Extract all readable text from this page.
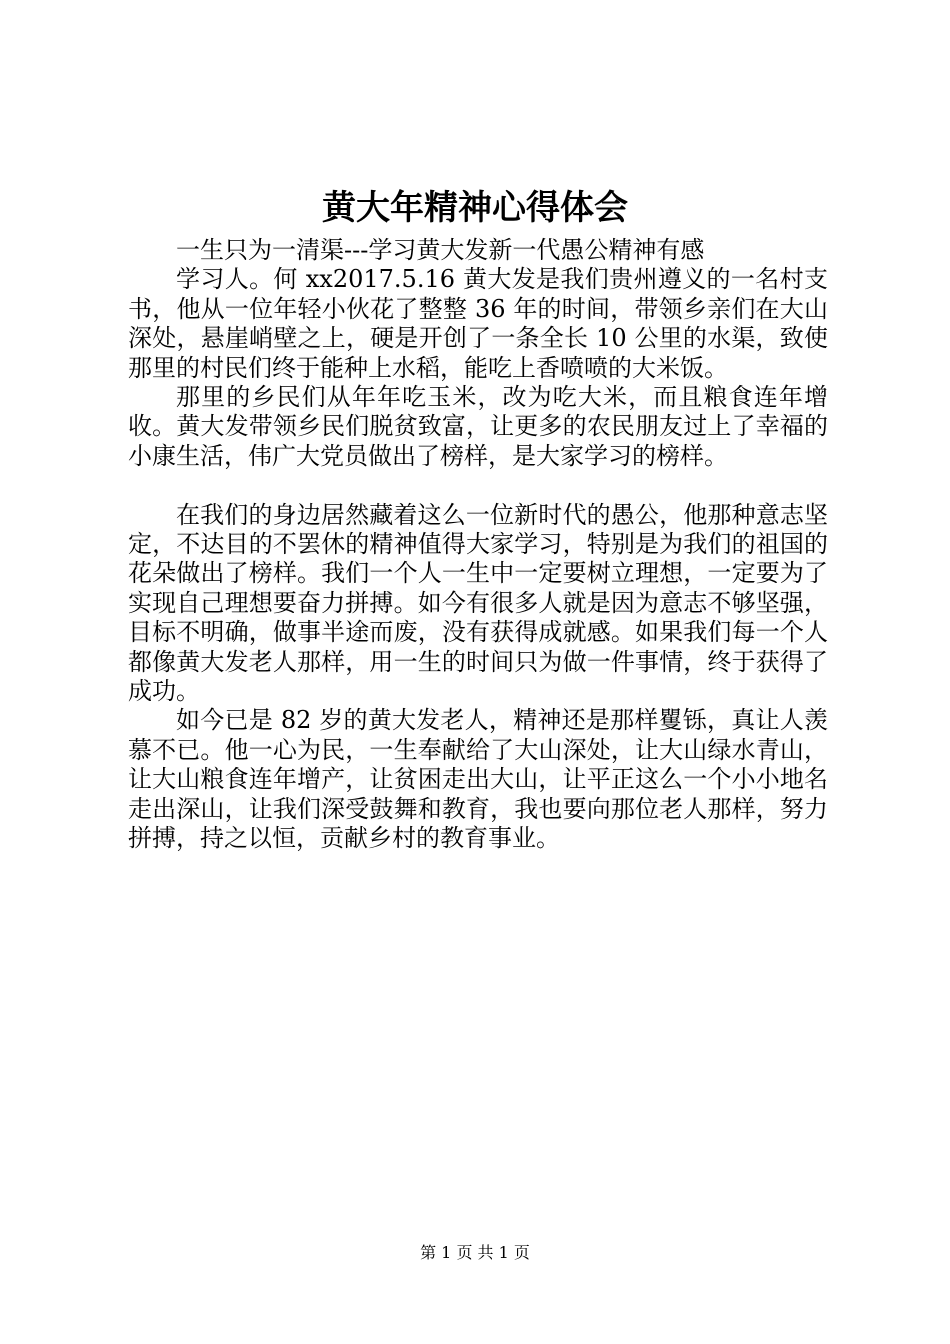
黄大年精神心得体会

一生只为一清渠---学习黄大发新一代愚公精神有感

学习人。何 xx2017.5.16 黄大发是我们贵州遵义的一名村支书，他从一位年轻小伙花了整整 36 年的时间，带领乡亲们在大山深处，悬崖峭壁之上，硬是开创了一条全长 10 公里的水渠，致使那里的村民们终于能种上水稻，能吃上香喷喷的大米饭。

那里的乡民们从年年吃玉米，改为吃大米，而且粮食连年增收。黄大发带领乡民们脱贫致富，让更多的农民朋友过上了幸福的小康生活，伟广大党员做出了榜样，是大家学习的榜样。

在我们的身边居然藏着这么一位新时代的愚公，他那种意志坚定，不达目的不罢休的精神值得大家学习，特别是为我们的祖国的花朵做出了榜样。我们一个人一生中一定要树立理想，一定要为了实现自己理想要奋力拼搏。如今有很多人就是因为意志不够坚强，目标不明确，做事半途而废，没有获得成就感。如果我们每一个人都像黄大发老人那样，用一生的时间只为做一件事情，终于获得了成功。

如今已是 82 岁的黄大发老人，精神还是那样矍铄，真让人羡慕不已。他一心为民，一生奉献给了大山深处，让大山绿水青山，让大山粮食连年增产，让贫困走出大山，让平正这么一个小小地名走出深山，让我们深受鼓舞和教育，我也要向那位老人那样，努力拼搏，持之以恒，贡献乡村的教育事业。

第 1 页 共 1 页
